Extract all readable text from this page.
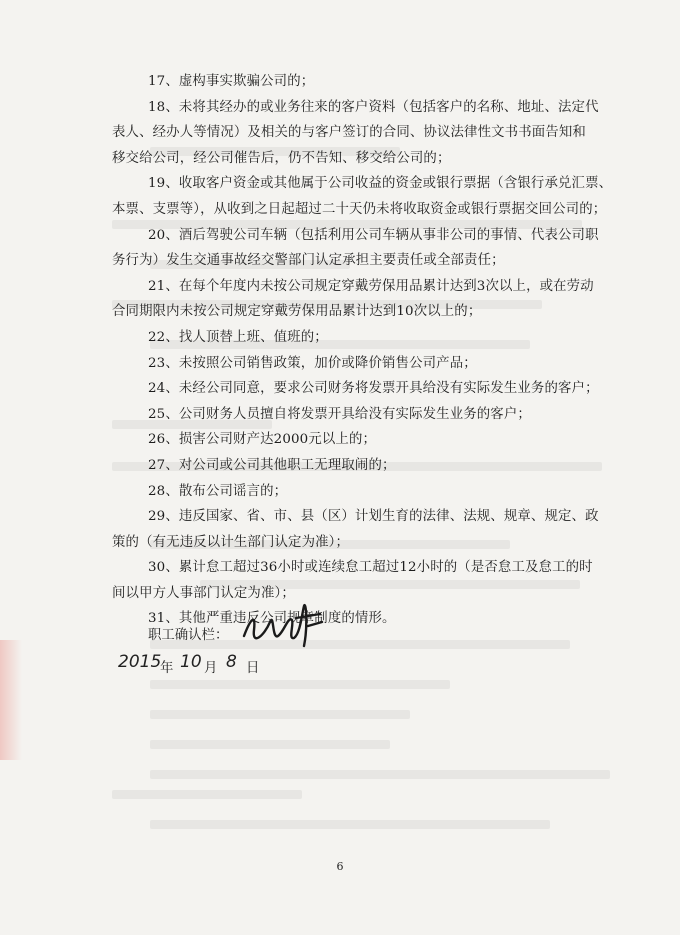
17、虚构事实欺骗公司的；
18、未将其经办的或业务往来的客户资料（包括客户的名称、地址、法定代
表人、经办人等情况）及相关的与客户签订的合同、协议法律性文书书面告知和
移交给公司，经公司催告后，仍不告知、移交给公司的；
19、收取客户资金或其他属于公司收益的资金或银行票据（含银行承兑汇票、
本票、支票等），从收到之日起超过二十天仍未将收取资金或银行票据交回公司的；
20、酒后驾驶公司车辆（包括利用公司车辆从事非公司的事情、代表公司职
务行为）发生交通事故经交警部门认定承担主要责任或全部责任；
21、在每个年度内未按公司规定穿戴劳保用品累计达到3次以上，或在劳动
合同期限内未按公司规定穿戴劳保用品累计达到10次以上的；
22、找人顶替上班、值班的；
23、未按照公司销售政策，加价或降价销售公司产品；
24、未经公司同意，要求公司财务将发票开具给没有实际发生业务的客户；
25、公司财务人员擅自将发票开具给没有实际发生业务的客户；
26、损害公司财产达2000元以上的；
27、对公司或公司其他职工无理取闹的；
28、散布公司谣言的；
29、违反国家、省、市、县（区）计划生育的法律、法规、规章、规定、政
策的（有无违反以计生部门认定为准）；
30、累计怠工超过36小时或连续怠工超过12小时的（是否怠工及怠工的时
间以甲方人事部门认定为准）；
31、其他严重违反公司规章制度的情形。
职工确认栏：
2015
年 10 月 8 日
6
